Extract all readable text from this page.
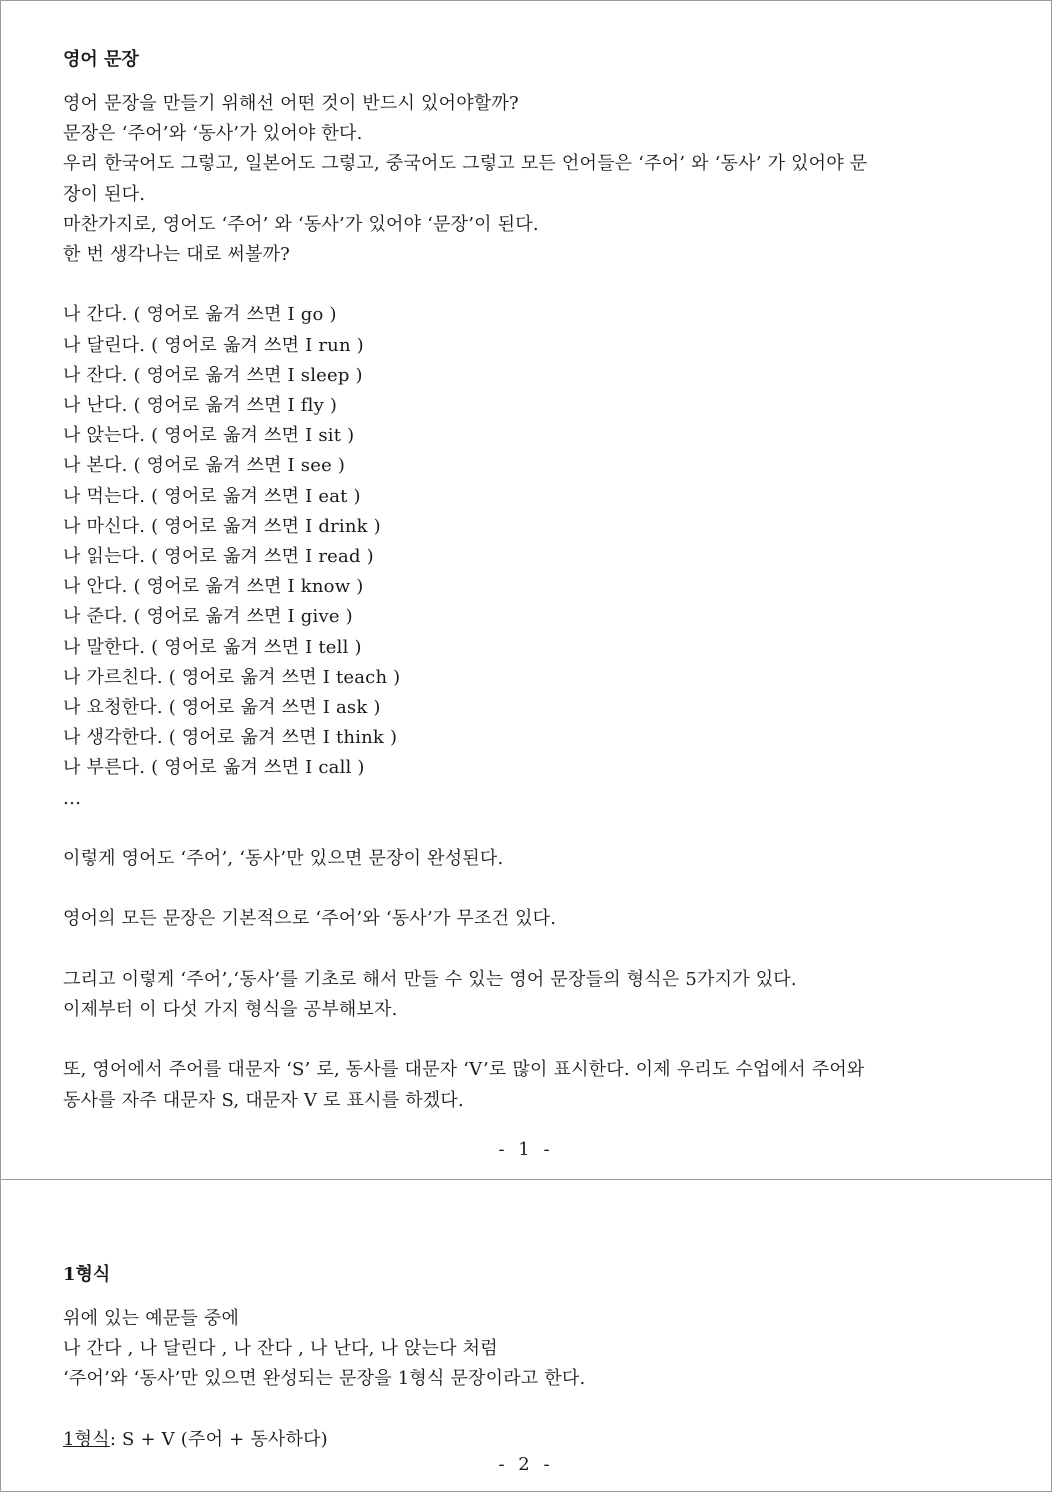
영어 문장
영어 문장을 만들기 위해선 어떤 것이 반드시 있어야할까?
문장은 ‘주어’와 ‘동사’가 있어야 한다.
우리 한국어도 그렇고, 일본어도 그렇고, 중국어도 그렇고 모든 언어들은 ‘주어’ 와 ‘동사’ 가 있어야 문
장이 된다.
마찬가지로, 영어도 ‘주어’ 와 ‘동사’가 있어야 ‘문장’이 된다.
한 번 생각나는 대로 써볼까?
나 간다. ( 영어로 옮겨 쓰면 I go )
나 달린다. ( 영어로 옮겨 쓰면 I run )
나 잔다. ( 영어로 옮겨 쓰면 I sleep )
나 난다. ( 영어로 옮겨 쓰면 I fly )
나 앉는다. ( 영어로 옮겨 쓰면 I sit )
나 본다. ( 영어로 옮겨 쓰면 I see )
나 먹는다. ( 영어로 옮겨 쓰면 I eat )
나 마신다. ( 영어로 옮겨 쓰면 I drink )
나 읽는다. ( 영어로 옮겨 쓰면 I read )
나 안다. ( 영어로 옮겨 쓰면 I know )
나 준다. ( 영어로 옮겨 쓰면 I give )
나 말한다. ( 영어로 옮겨 쓰면 I tell )
나 가르친다. ( 영어로 옮겨 쓰면 I teach )
나 요청한다. ( 영어로 옮겨 쓰면 I ask )
나 생각한다. ( 영어로 옮겨 쓰면 I think )
나 부른다. ( 영어로 옮겨 쓰면 I call )
…
이렇게 영어도 ‘주어’, ‘동사’만 있으면 문장이 완성된다.
영어의 모든 문장은 기본적으로 ‘주어’와 ‘동사’가 무조건 있다.
그리고 이렇게 ‘주어’,‘동사’를 기초로 해서 만들 수 있는 영어 문장들의 형식은 5가지가 있다.
이제부터 이 다섯 가지 형식을 공부해보자.
또, 영어에서 주어를 대문자 ‘S’ 로, 동사를 대문자 ‘V’로 많이 표시한다. 이제 우리도 수업에서 주어와
동사를 자주 대문자 S, 대문자 V 로 표시를 하겠다.
- 1 -
1형식
위에 있는 예문들 중에
나 간다 , 나 달린다 , 나 잔다 , 나 난다, 나 앉는다 처럼
‘주어’와 ‘동사’만 있으면 완성되는 문장을 1형식 문장이라고 한다.
1형식: S + V (주어 + 동사하다)
- 2 -
